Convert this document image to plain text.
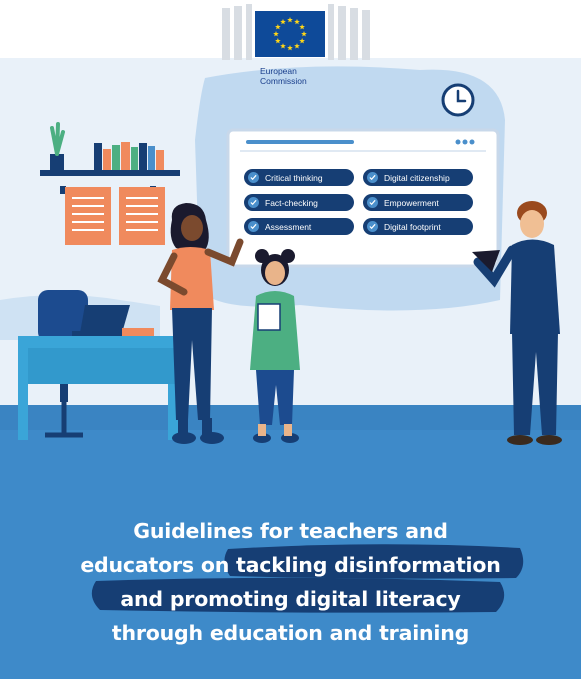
European
Commission
Critical thinking	Digital citizenship
Fact-checking	Empowerment
Assessment	Digital footprint
Guidelines for teachers and
educators on tackling disinformation
and promoting digital literacy
through education and training
